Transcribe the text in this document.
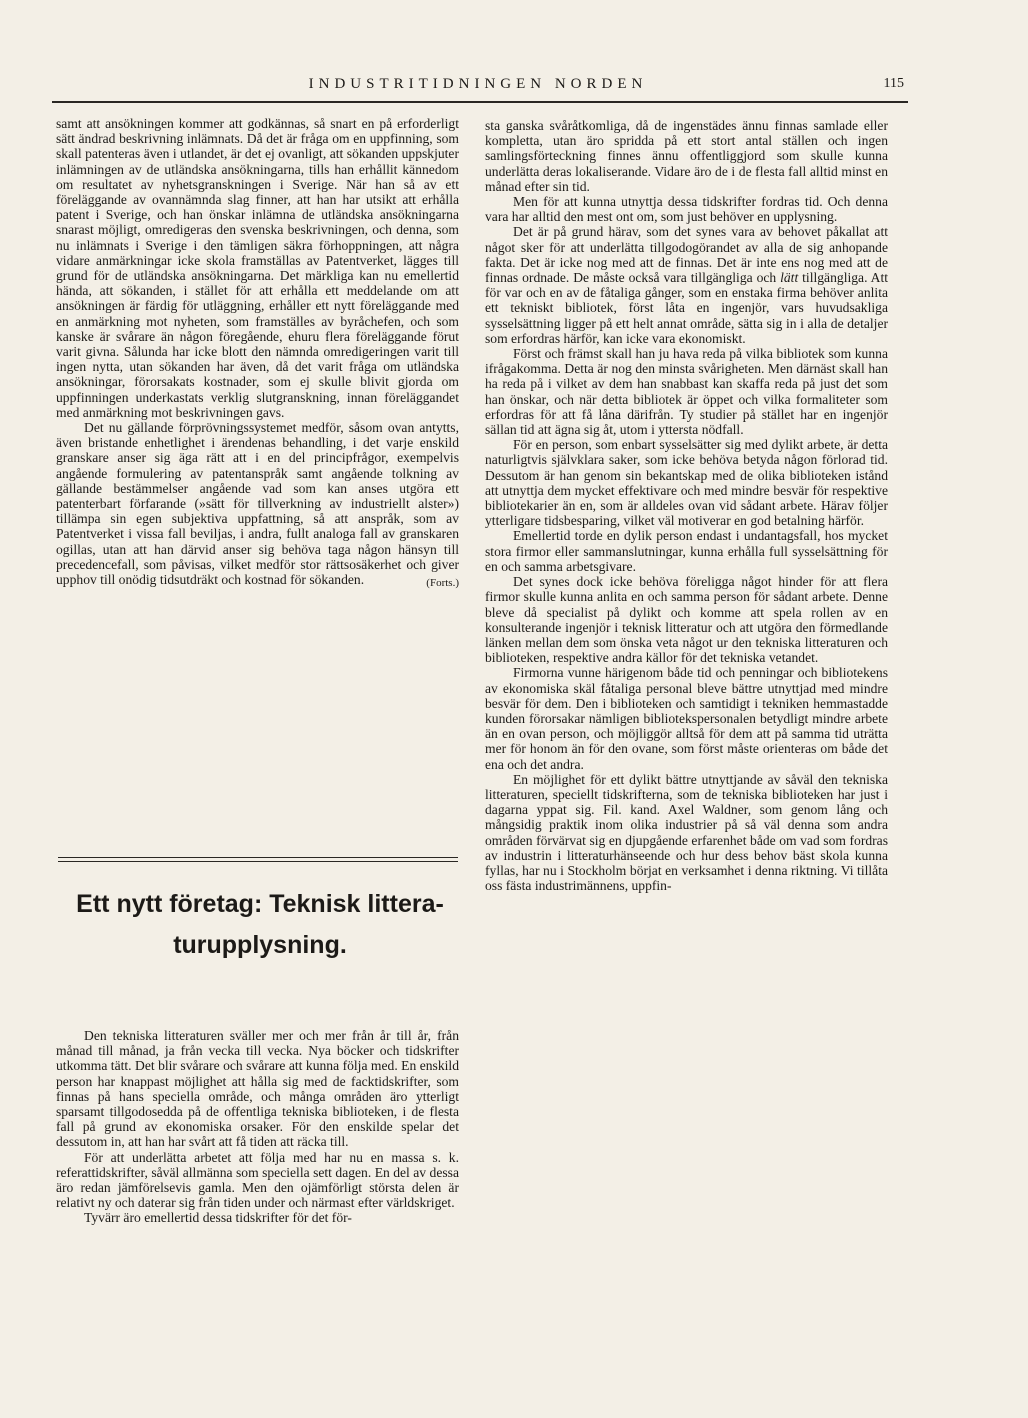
INDUSTRITIDNINGEN NORDEN	115

samt att ansökningen kommer att godkännas, så snart en på erforderligt sätt ändrad beskrivning inlämnats. Då det är fråga om en uppfinning, som skall patenteras även i utlandet, är det ej ovanligt, att sökanden uppskjuter inlämningen av de utländska ansökningarna, tills han erhållit kännedom om resultatet av nyhetsgranskningen i Sverige. När han så av ett föreläggande av ovannämnda slag finner, att han har utsikt att erhålla patent i Sverige, och han önskar inlämna de utländska ansökningarna snarast möjligt, omredigeras den svenska beskrivningen, och denna, som nu inlämnats i Sverige i den tämligen säkra förhoppningen, att några vidare anmärkningar icke skola framställas av Patentverket, lägges till grund för de utländska ansökningarna. Det märkliga kan nu emellertid hända, att sökanden, i stället för att erhålla ett meddelande om att ansökningen är färdig för utläggning, erhåller ett nytt föreläggande med en anmärkning mot nyheten, som framställes av byråchefen, och som kanske är svårare än någon föregående, ehuru flera föreläggande förut varit givna. Sålunda har icke blott den nämnda omredigeringen varit till ingen nytta, utan sökanden har även, då det varit fråga om utländska ansökningar, förorsakats kostnader, som ej skulle blivit gjorda om uppfinningen underkastats verklig slutgranskning, innan föreläggandet med anmärkning mot beskrivningen gavs.

Det nu gällande förprövningssystemet medför, såsom ovan antytts, även bristande enhetlighet i ärendenas behandling, i det varje enskild granskare anser sig äga rätt att i en del principfrågor, exempelvis angående formulering av patentanspråk samt angående tolkning av gällande bestämmelser angående vad som kan anses utgöra ett patenterbart förfarande (»sätt för tillverkning av industriellt alster») tillämpa sin egen subjektiva uppfattning, så att anspråk, som av Patentverket i vissa fall beviljas, i andra, fullt analoga fall av granskaren ogillas, utan att han därvid anser sig behöva taga någon hänsyn till precedencefall, som påvisas, vilket medför stor rättsosäkerhet och giver upphov till onödig tidsutdräkt och kostnad för sökanden.	(Forts.)

Ett nytt företag: Teknisk littera-
turupplysning.

Den tekniska litteraturen sväller mer och mer från år till år, från månad till månad, ja från vecka till vecka. Nya böcker och tidskrifter utkomma tätt. Det blir svårare och svårare att kunna följa med. En enskild person har knappast möjlighet att hålla sig med de facktidskrifter, som finnas på hans speciella område, och många områden äro ytterligt sparsamt tillgodosedda på de offentliga tekniska biblioteken, i de flesta fall på grund av ekonomiska orsaker. För den enskilde spelar det dessutom in, att han har svårt att få tiden att räcka till.

För att underlätta arbetet att följa med har nu en massa s. k. referattidskrifter, såväl allmänna som speciella sett dagen. En del av dessa äro redan jämförelsevis gamla. Men den ojämförligt största delen är relativt ny och daterar sig från tiden under och närmast efter världskriget.

Tyvärr äro emellertid dessa tidskrifter för det för-

sta ganska svåråtkomliga, då de ingenstädes ännu finnas samlade eller kompletta, utan äro spridda på ett stort antal ställen och ingen samlingsförteckning finnes ännu offentliggjord som skulle kunna underlätta deras lokaliserande. Vidare äro de i de flesta fall alltid minst en månad efter sin tid.

Men för att kunna utnyttja dessa tidskrifter fordras tid. Och denna vara har alltid den mest ont om, som just behöver en upplysning.

Det är på grund härav, som det synes vara av behovet påkallat att något sker för att underlätta tillgodogörandet av alla de sig anhopande fakta. Det är icke nog med att de finnas. Det är inte ens nog med att de finnas ordnade. De måste också vara tillgängliga och lätt tillgängliga. Att för var och en av de fåtaliga gånger, som en enstaka firma behöver anlita ett tekniskt bibliotek, först låta en ingenjör, vars huvudsakliga sysselsättning ligger på ett helt annat område, sätta sig in i alla de detaljer som erfordras härför, kan icke vara ekonomiskt.

Först och främst skall han ju hava reda på vilka bibliotek som kunna ifrågakomma. Detta är nog den minsta svårigheten. Men därnäst skall han ha reda på i vilket av dem han snabbast kan skaffa reda på just det som han önskar, och när detta bibliotek är öppet och vilka formaliteter som erfordras för att få låna därifrån. Ty studier på stället har en ingenjör sällan tid att ägna sig åt, utom i yttersta nödfall.

För en person, som enbart sysselsätter sig med dylikt arbete, är detta naturligtvis självklara saker, som icke behöva betyda någon förlorad tid. Dessutom är han genom sin bekantskap med de olika biblioteken istånd att utnyttja dem mycket effektivare och med mindre besvär för respektive bibliotekarier än en, som är alldeles ovan vid sådant arbete. Härav följer ytterligare tidsbesparing, vilket väl motiverar en god betalning härför.

Emellertid torde en dylik person endast i undantagsfall, hos mycket stora firmor eller sammanslutningar, kunna erhålla full sysselsättning för en och samma arbetsgivare.

Det synes dock icke behöva föreligga något hinder för att flera firmor skulle kunna anlita en och samma person för sådant arbete. Denne bleve då specialist på dylikt och komme att spela rollen av en konsulterande ingenjör i teknisk litteratur och att utgöra den förmedlande länken mellan dem som önska veta något ur den tekniska litteraturen och biblioteken, respektive andra källor för det tekniska vetandet.

Firmorna vunne härigenom både tid och penningar och bibliotekens av ekonomiska skäl fåtaliga personal bleve bättre utnyttjad med mindre besvär för dem. Den i biblioteken och samtidigt i tekniken hemmastadde kunden förorsakar nämligen bibliotekspersonalen betydligt mindre arbete än en ovan person, och möjliggör alltså för dem att på samma tid uträtta mer för honom än för den ovane, som först måste orienteras om både det ena och det andra.

En möjlighet för ett dylikt bättre utnyttjande av såväl den tekniska litteraturen, speciellt tidskrifterna, som de tekniska biblioteken har just i dagarna yppat sig. Fil. kand. Axel Waldner, som genom lång och mångsidig praktik inom olika industrier på så väl denna som andra områden förvärvat sig en djupgående erfarenhet både om vad som fordras av industrin i litteraturhänseende och hur dess behov bäst skola kunna fyllas, har nu i Stockholm börjat en verksamhet i denna riktning. Vi tillåta oss fästa industrimännens, uppfin-
